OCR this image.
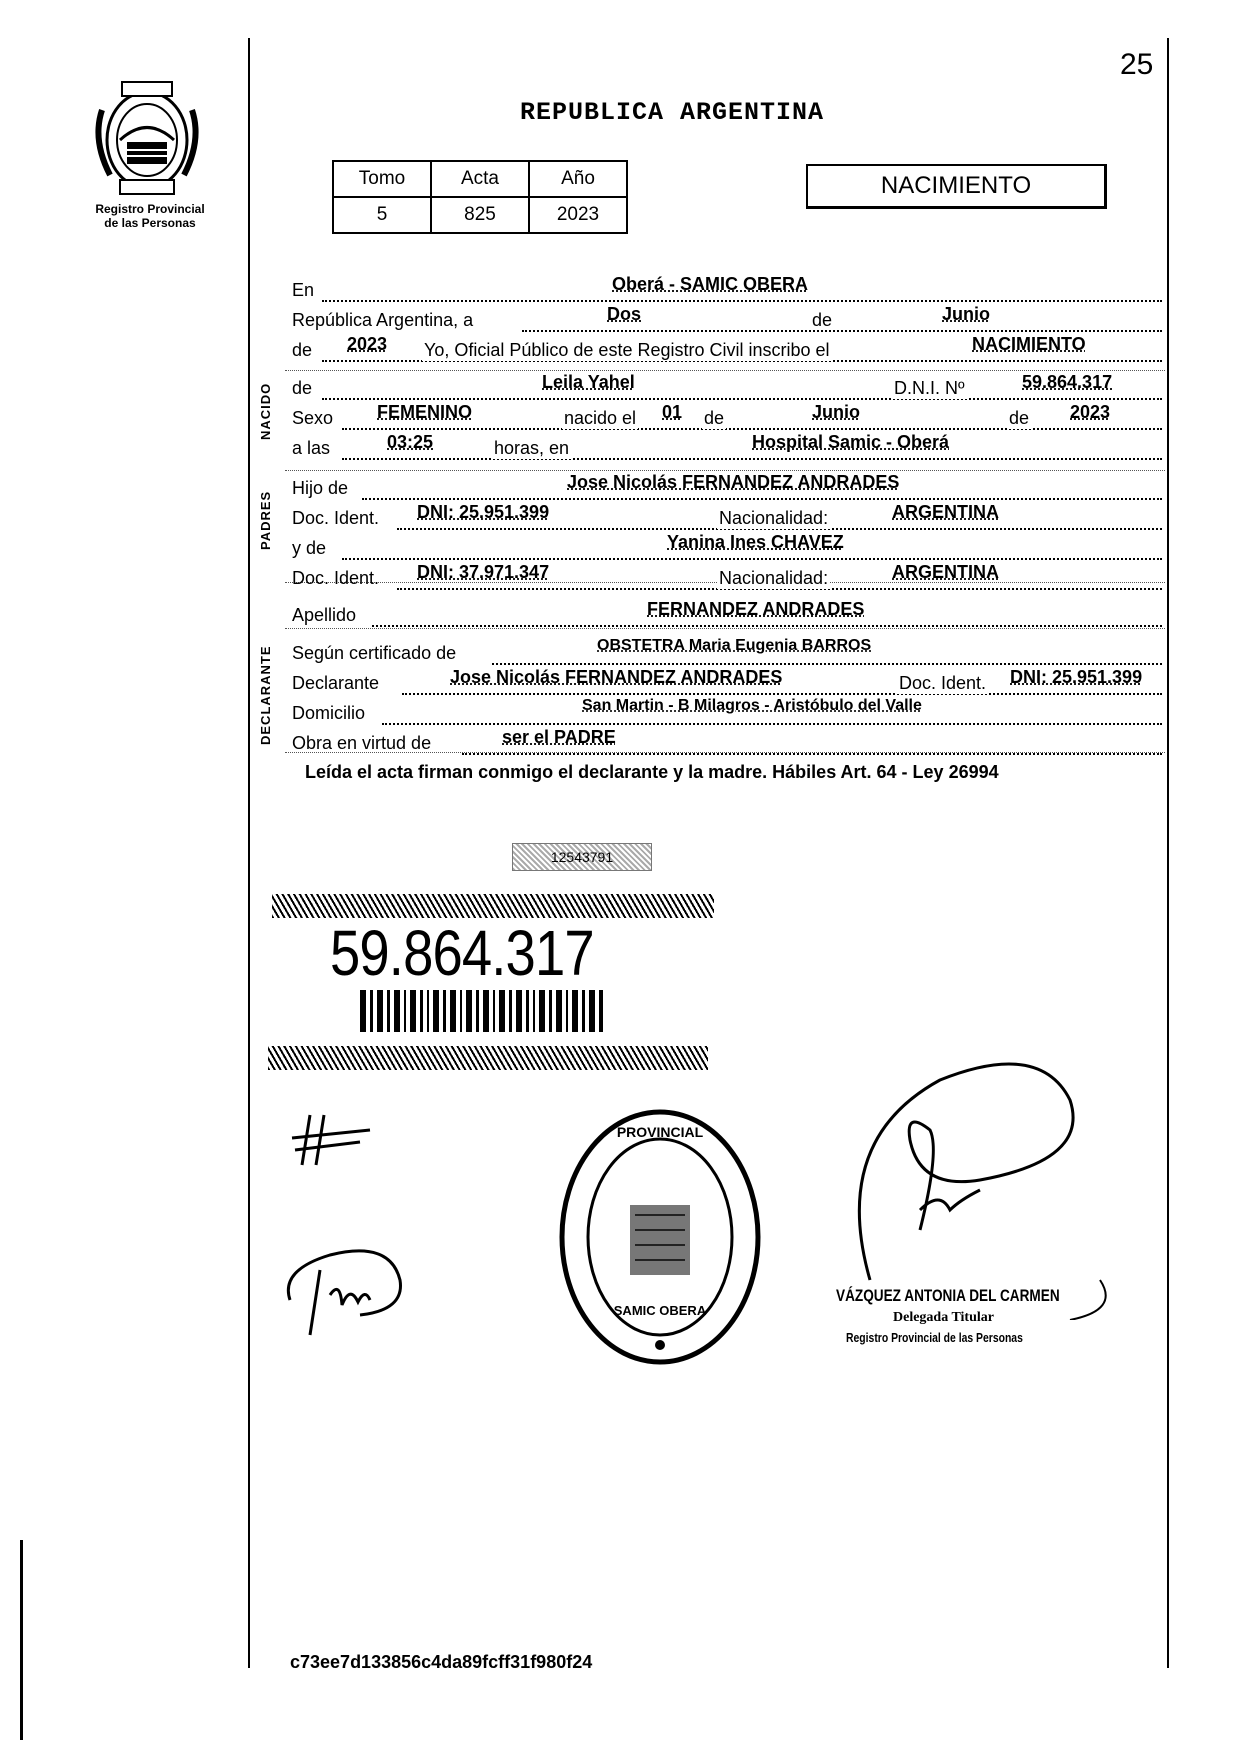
25
Registro Provincial
de las Personas
REPUBLICA ARGENTINA
Tomo	Acta	Año
5	825	2023
NACIMIENTO
NACIDO
PADRES
DECLARANTE
En	Oberá - SAMIC OBERA
República Argentina, a	Dos	de	Junio
de 2023 Yo, Oficial Público de este Registro Civil inscribo el	NACIMIENTO
de	Leila Yahel	D.N.I. Nº	59.864.317
Sexo FEMENINO	nacido el 01 de	Junio	de 2023
a las	03:25	horas, en	Hospital Samic - Oberá
Hijo de	Jose Nicolás FERNANDEZ ANDRADES
Doc. Ident. DNI: 25.951.399	Nacionalidad:	ARGENTINA
y de	Yanina Ines CHAVEZ
Doc. Ident. DNI: 37.971.347	Nacionalidad:	ARGENTINA
Apellido	FERNANDEZ ANDRADES
Según certificado de	OBSTETRA Maria Eugenia BARROS
Declarante	Jose Nicolás FERNANDEZ ANDRADES	Doc. Ident. DNI: 25.951.399
Domicilio	San Martin - B Milagros - Aristóbulo del Valle
Obra en virtud de	ser el PADRE
Leída el acta firman conmigo el declarante y la madre. Hábiles Art. 64 - Ley 26994
12543791
59.864.317
PROVINCIAL
SAMIC OBERA
VÁZQUEZ ANTONIA DEL CARMEN
Delegada Titular
Registro Provincial de las Personas
c73ee7d133856c4da89fcff31f980f24
